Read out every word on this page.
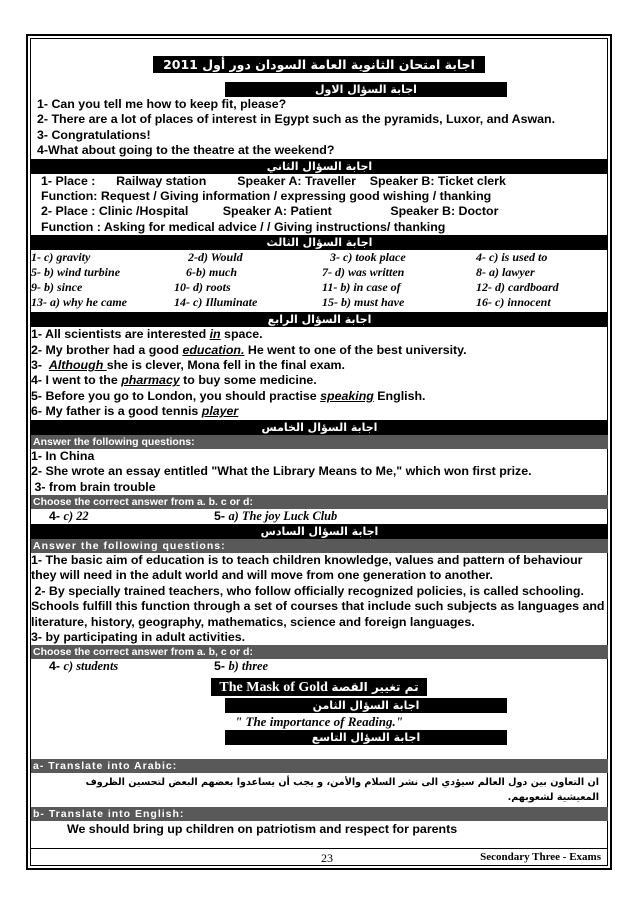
اجابة امتحان الثانوية العامة السودان دور أول 2011
اجابة السؤال الاول
1- Can you tell me how to keep fit, please?
2- There are a lot of places of interest in Egypt such as the pyramids, Luxor, and Aswan.
3- Congratulations!
4-What about going to the theatre at the weekend?
اجابة السؤال الثاني
1- Place :      Railway station         Speaker A: Traveller    Speaker B: Ticket clerk
Function: Request / Giving information / expressing good wishing / thanking
2- Place : Clinic /Hospital          Speaker A: Patient                 Speaker B: Doctor
Function : Asking for medical advice / / Giving instructions/ thanking
اجابة السؤال الثالث
1- c) gravity	2-d) Would	3- c) took place	4- c) is used to
5- b) wind turbine	6-b) much	7- d) was written	8- a) lawyer
9- b) since	10- d) roots	11- b) in case of	12- d) cardboard
13- a) why he came	14- c) Illuminate	15- b) must have	16- c) innocent
اجابة السؤال الرابع
1- All scientists are interested in space.
2- My brother had a good education. He went to one of the best university.
3-  Although she is clever, Mona fell in the final exam.
4- I went to the pharmacy to buy some medicine.
5- Before you go to London, you should practise speaking English.
6- My father is a good tennis player
اجابة السؤال الخامس
Answer the following questions:
1- In China
2- She wrote an essay entitled "What the Library Means to Me," which won first prize.
3- from brain trouble
Choose the correct answer from a. b. c or d:
4- c) 22	5- a) The joy Luck Club
اجابة السؤال السادس
Answer the following questions:
1- The basic aim of education is to teach children knowledge, values and pattern of behaviour they will need in the adult world and will move from one generation to another.
2- By specially trained teachers, who follow officially recognized policies, is called schooling. Schools fulfill this function through a set of courses that include such subjects as languages and literature, history, geography, mathematics, science and foreign languages.
3- by participating in adult activities.
Choose the correct answer from a. b, c or d:
4- c) students	5- b) three
The Mask of Gold تم تغيير القصة
اجابة السؤال الثامن
" The importance of Reading."
اجابة السؤال التاسع
a- Translate into Arabic:
ان التعاون بين دول العالم سيؤدي الى نشر السلام والأمن، و يجب أن يساعدوا بعضهم البعض لتحسين الظروف المعيشية لشعوبهم.
b- Translate into English:
We should bring up children on patriotism and respect for parents
23	Secondary Three - Exams
